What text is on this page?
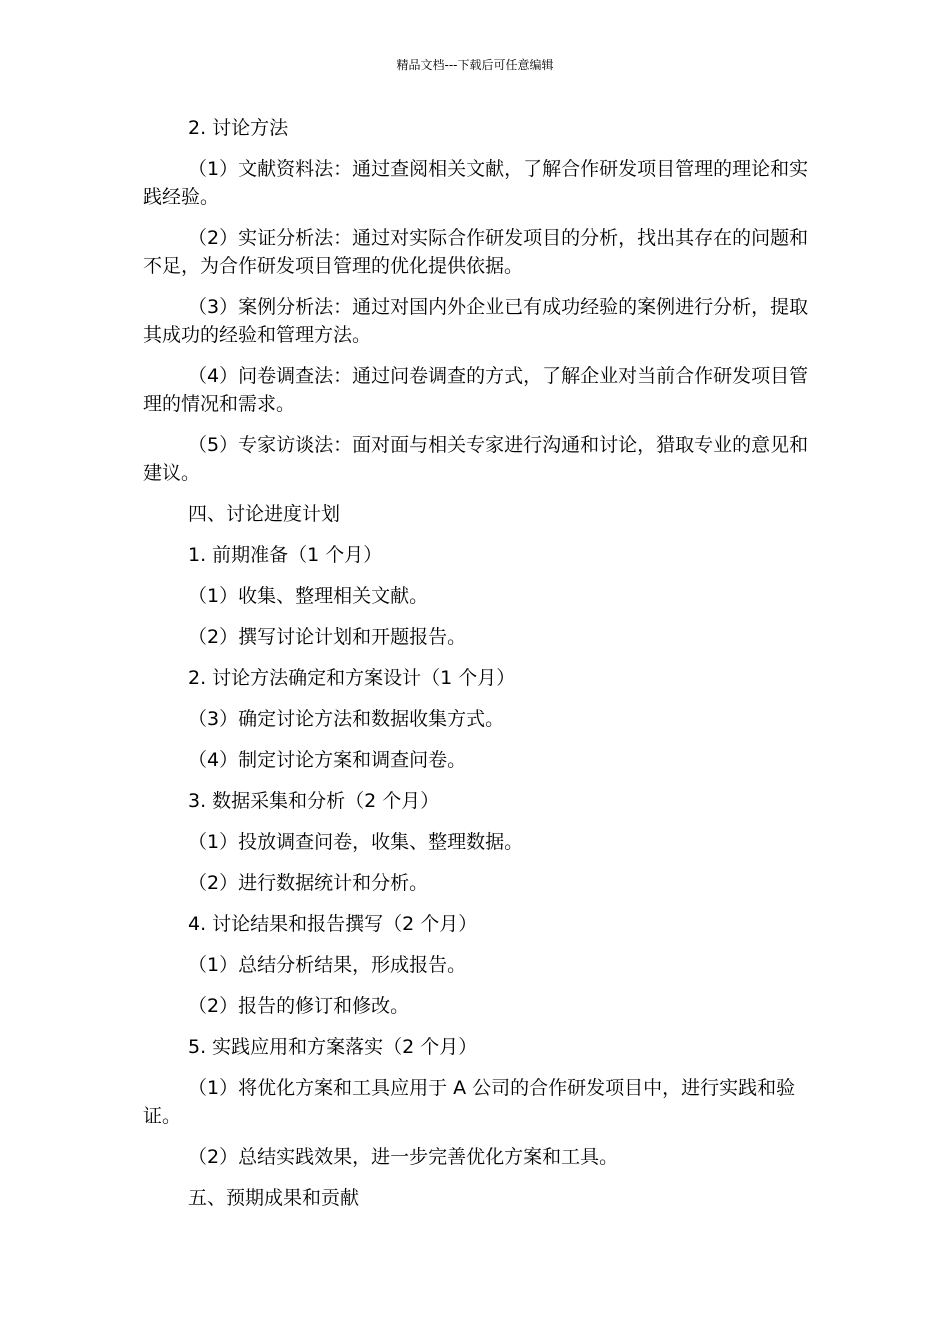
精品文档---下载后可任意编辑

2. 讨论方法

（1）文献资料法：通过查阅相关文献，了解合作研发项目管理的理论和实践经验。

（2）实证分析法：通过对实际合作研发项目的分析，找出其存在的问题和不足，为合作研发项目管理的优化提供依据。

（3）案例分析法：通过对国内外企业已有成功经验的案例进行分析，提取其成功的经验和管理方法。

（4）问卷调查法：通过问卷调查的方式，了解企业对当前合作研发项目管理的情况和需求。

（5）专家访谈法：面对面与相关专家进行沟通和讨论，猎取专业的意见和建议。

四、讨论进度计划

1. 前期准备（1 个月）

（1）收集、整理相关文献。

（2）撰写讨论计划和开题报告。

2. 讨论方法确定和方案设计（1 个月）

（3）确定讨论方法和数据收集方式。

（4）制定讨论方案和调查问卷。

3. 数据采集和分析（2 个月）

（1）投放调查问卷，收集、整理数据。

（2）进行数据统计和分析。

4. 讨论结果和报告撰写（2 个月）

（1）总结分析结果，形成报告。

（2）报告的修订和修改。

5. 实践应用和方案落实（2 个月）

（1）将优化方案和工具应用于 A 公司的合作研发项目中，进行实践和验证。

（2）总结实践效果，进一步完善优化方案和工具。

五、预期成果和贡献
